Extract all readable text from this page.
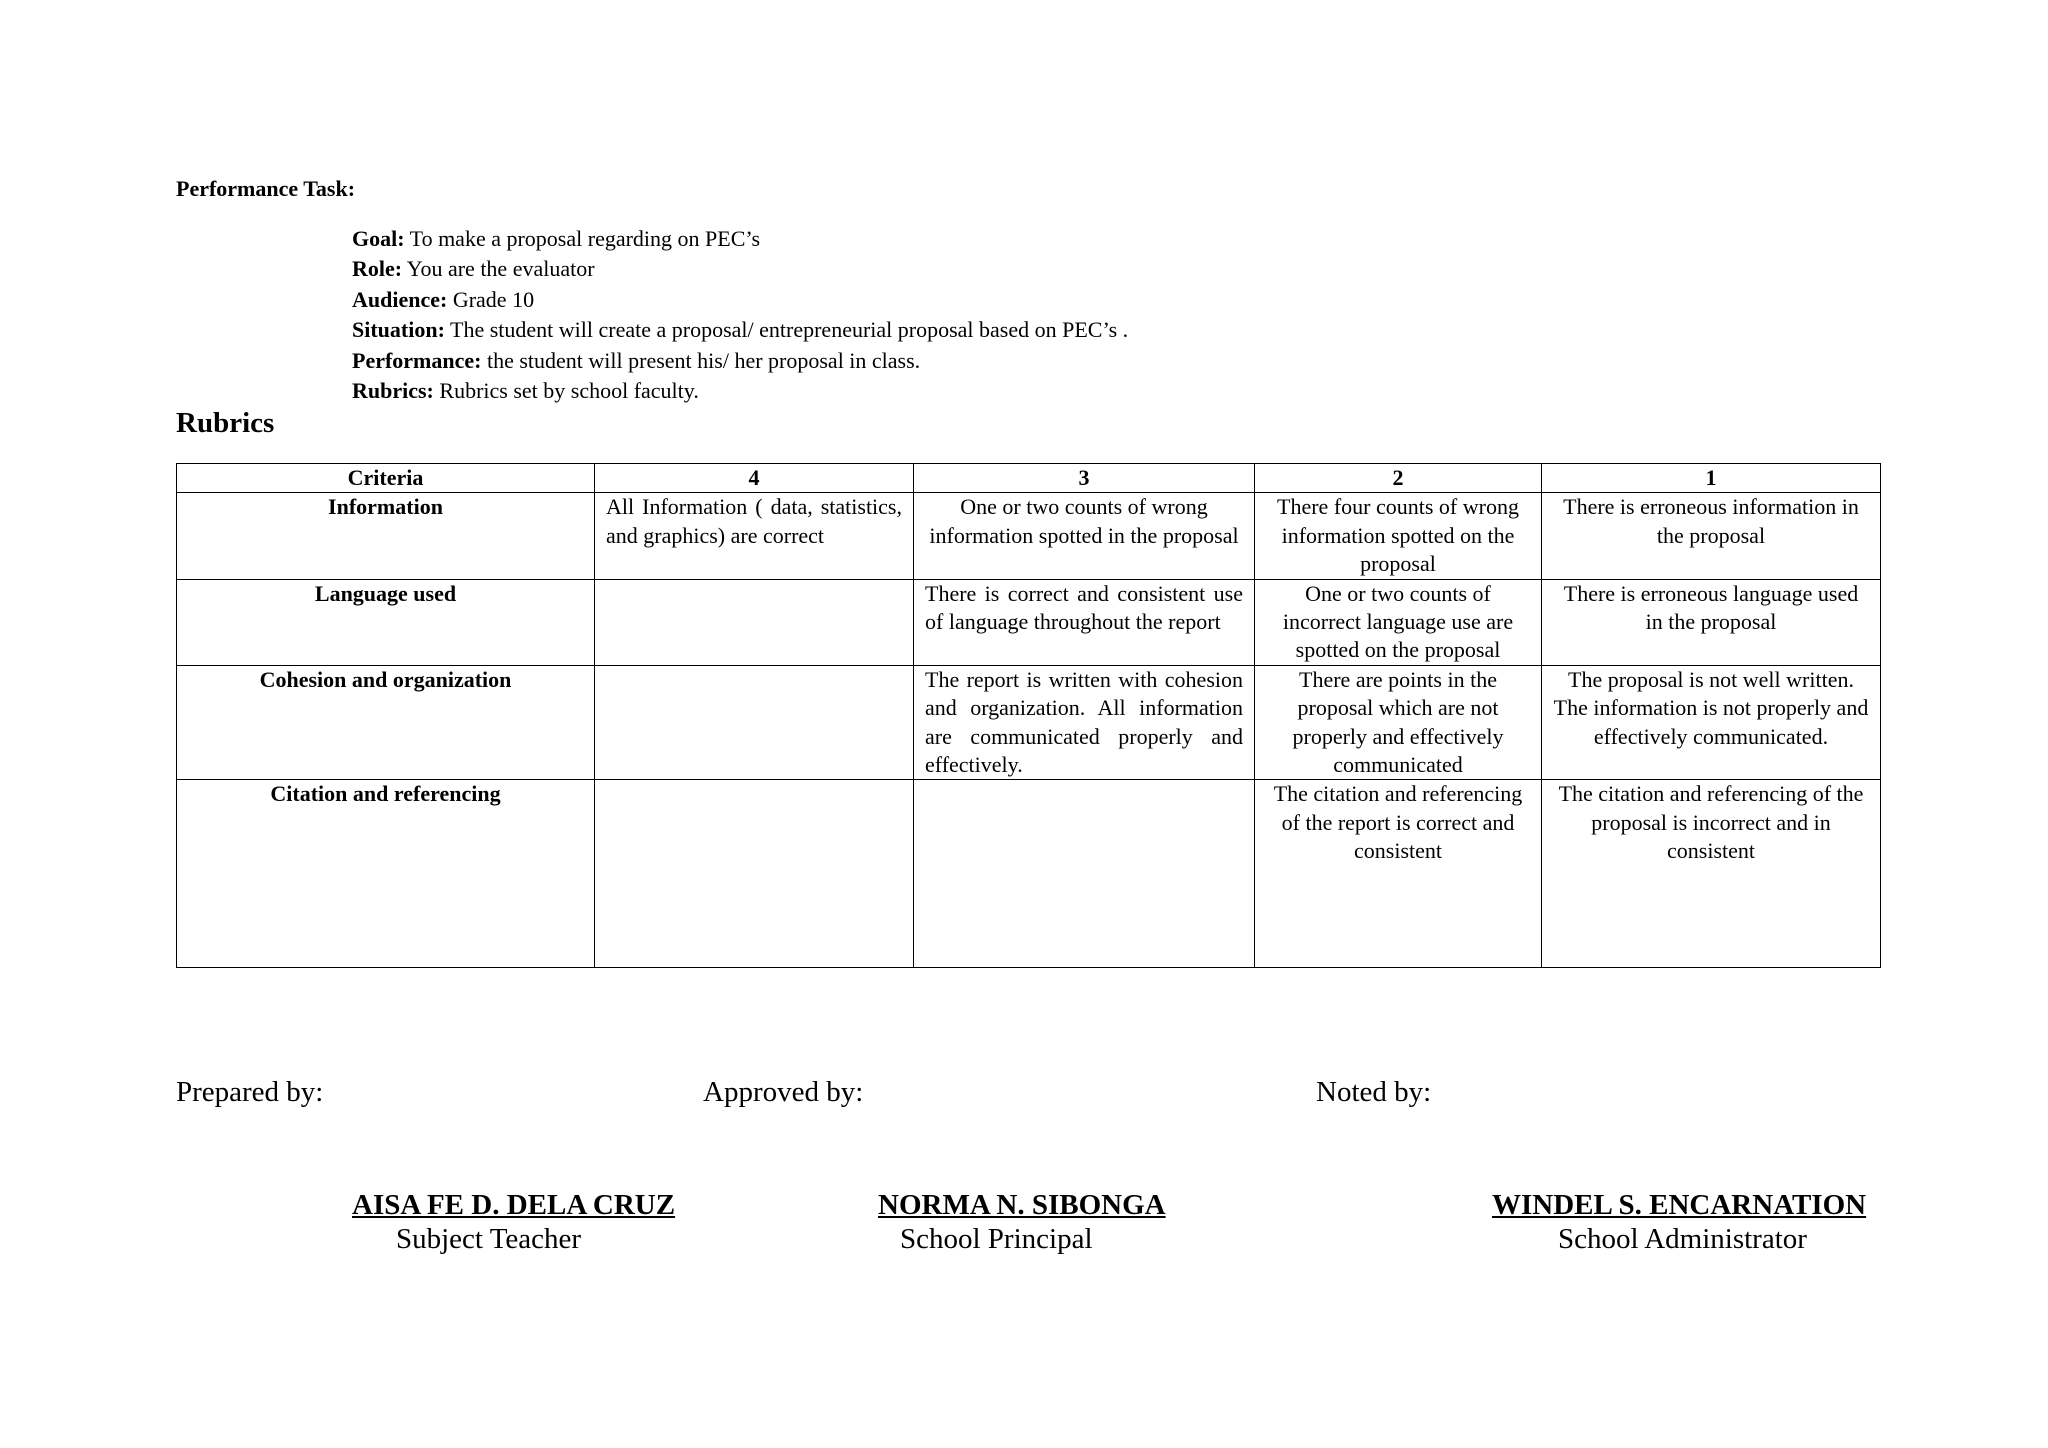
Performance Task:
Goal: To make a proposal regarding on PEC’s
Role: You are the evaluator
Audience: Grade 10
Situation: The student will create a proposal/ entrepreneurial proposal based on PEC’s .
Performance: the student will present his/ her proposal in class.
Rubrics: Rubrics set by school faculty.
Rubrics
Criteria	4	3	2	1
Information	All Information ( data, statistics, and graphics) are correct	One or two counts of wrong information spotted in the proposal	There four counts of wrong information spotted on the proposal	There is erroneous information in the proposal
Language used		There is correct and consistent use of language throughout the report	One or two counts of incorrect language use are spotted on the proposal	There is erroneous language used in the proposal
Cohesion and organization		The report is written with cohesion and organization. All information are communicated properly and effectively.	There are points in the proposal which are not properly and effectively communicated	The proposal is not well written. The information is not properly and effectively communicated.
Citation and referencing			The citation and referencing of the report is correct and consistent	The citation and referencing of the proposal is incorrect and in consistent
Prepared by:	Approved by:	Noted by:
AISA FE D. DELA CRUZ
Subject Teacher
NORMA N. SIBONGA
School Principal
WINDEL S. ENCARNATION
School Administrator
